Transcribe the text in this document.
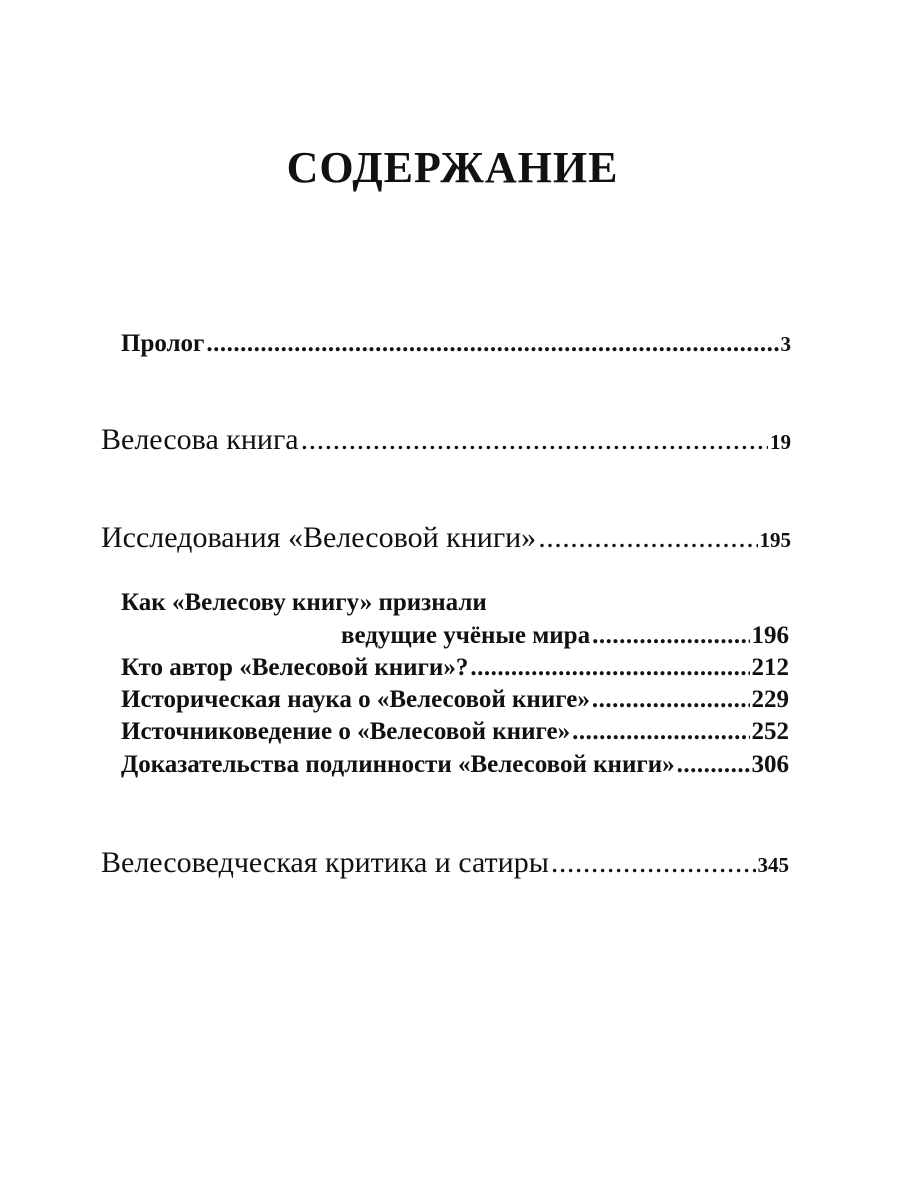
СОДЕРЖАНИЕ
Пролог .....	3
Велесова книга .....	19
Исследования «Велесовой книги» .....	195
Как «Велесову книгу» признали
ведущие учёные мира .....	196
Кто автор «Велесовой книги»? .....	212
Историческая наука о «Велесовой книге» .....	229
Источниковедение о «Велесовой книге» .....	252
Доказательства подлинности «Велесовой книги» .....	306
Велесоведческая критика и сатиры .....	345
